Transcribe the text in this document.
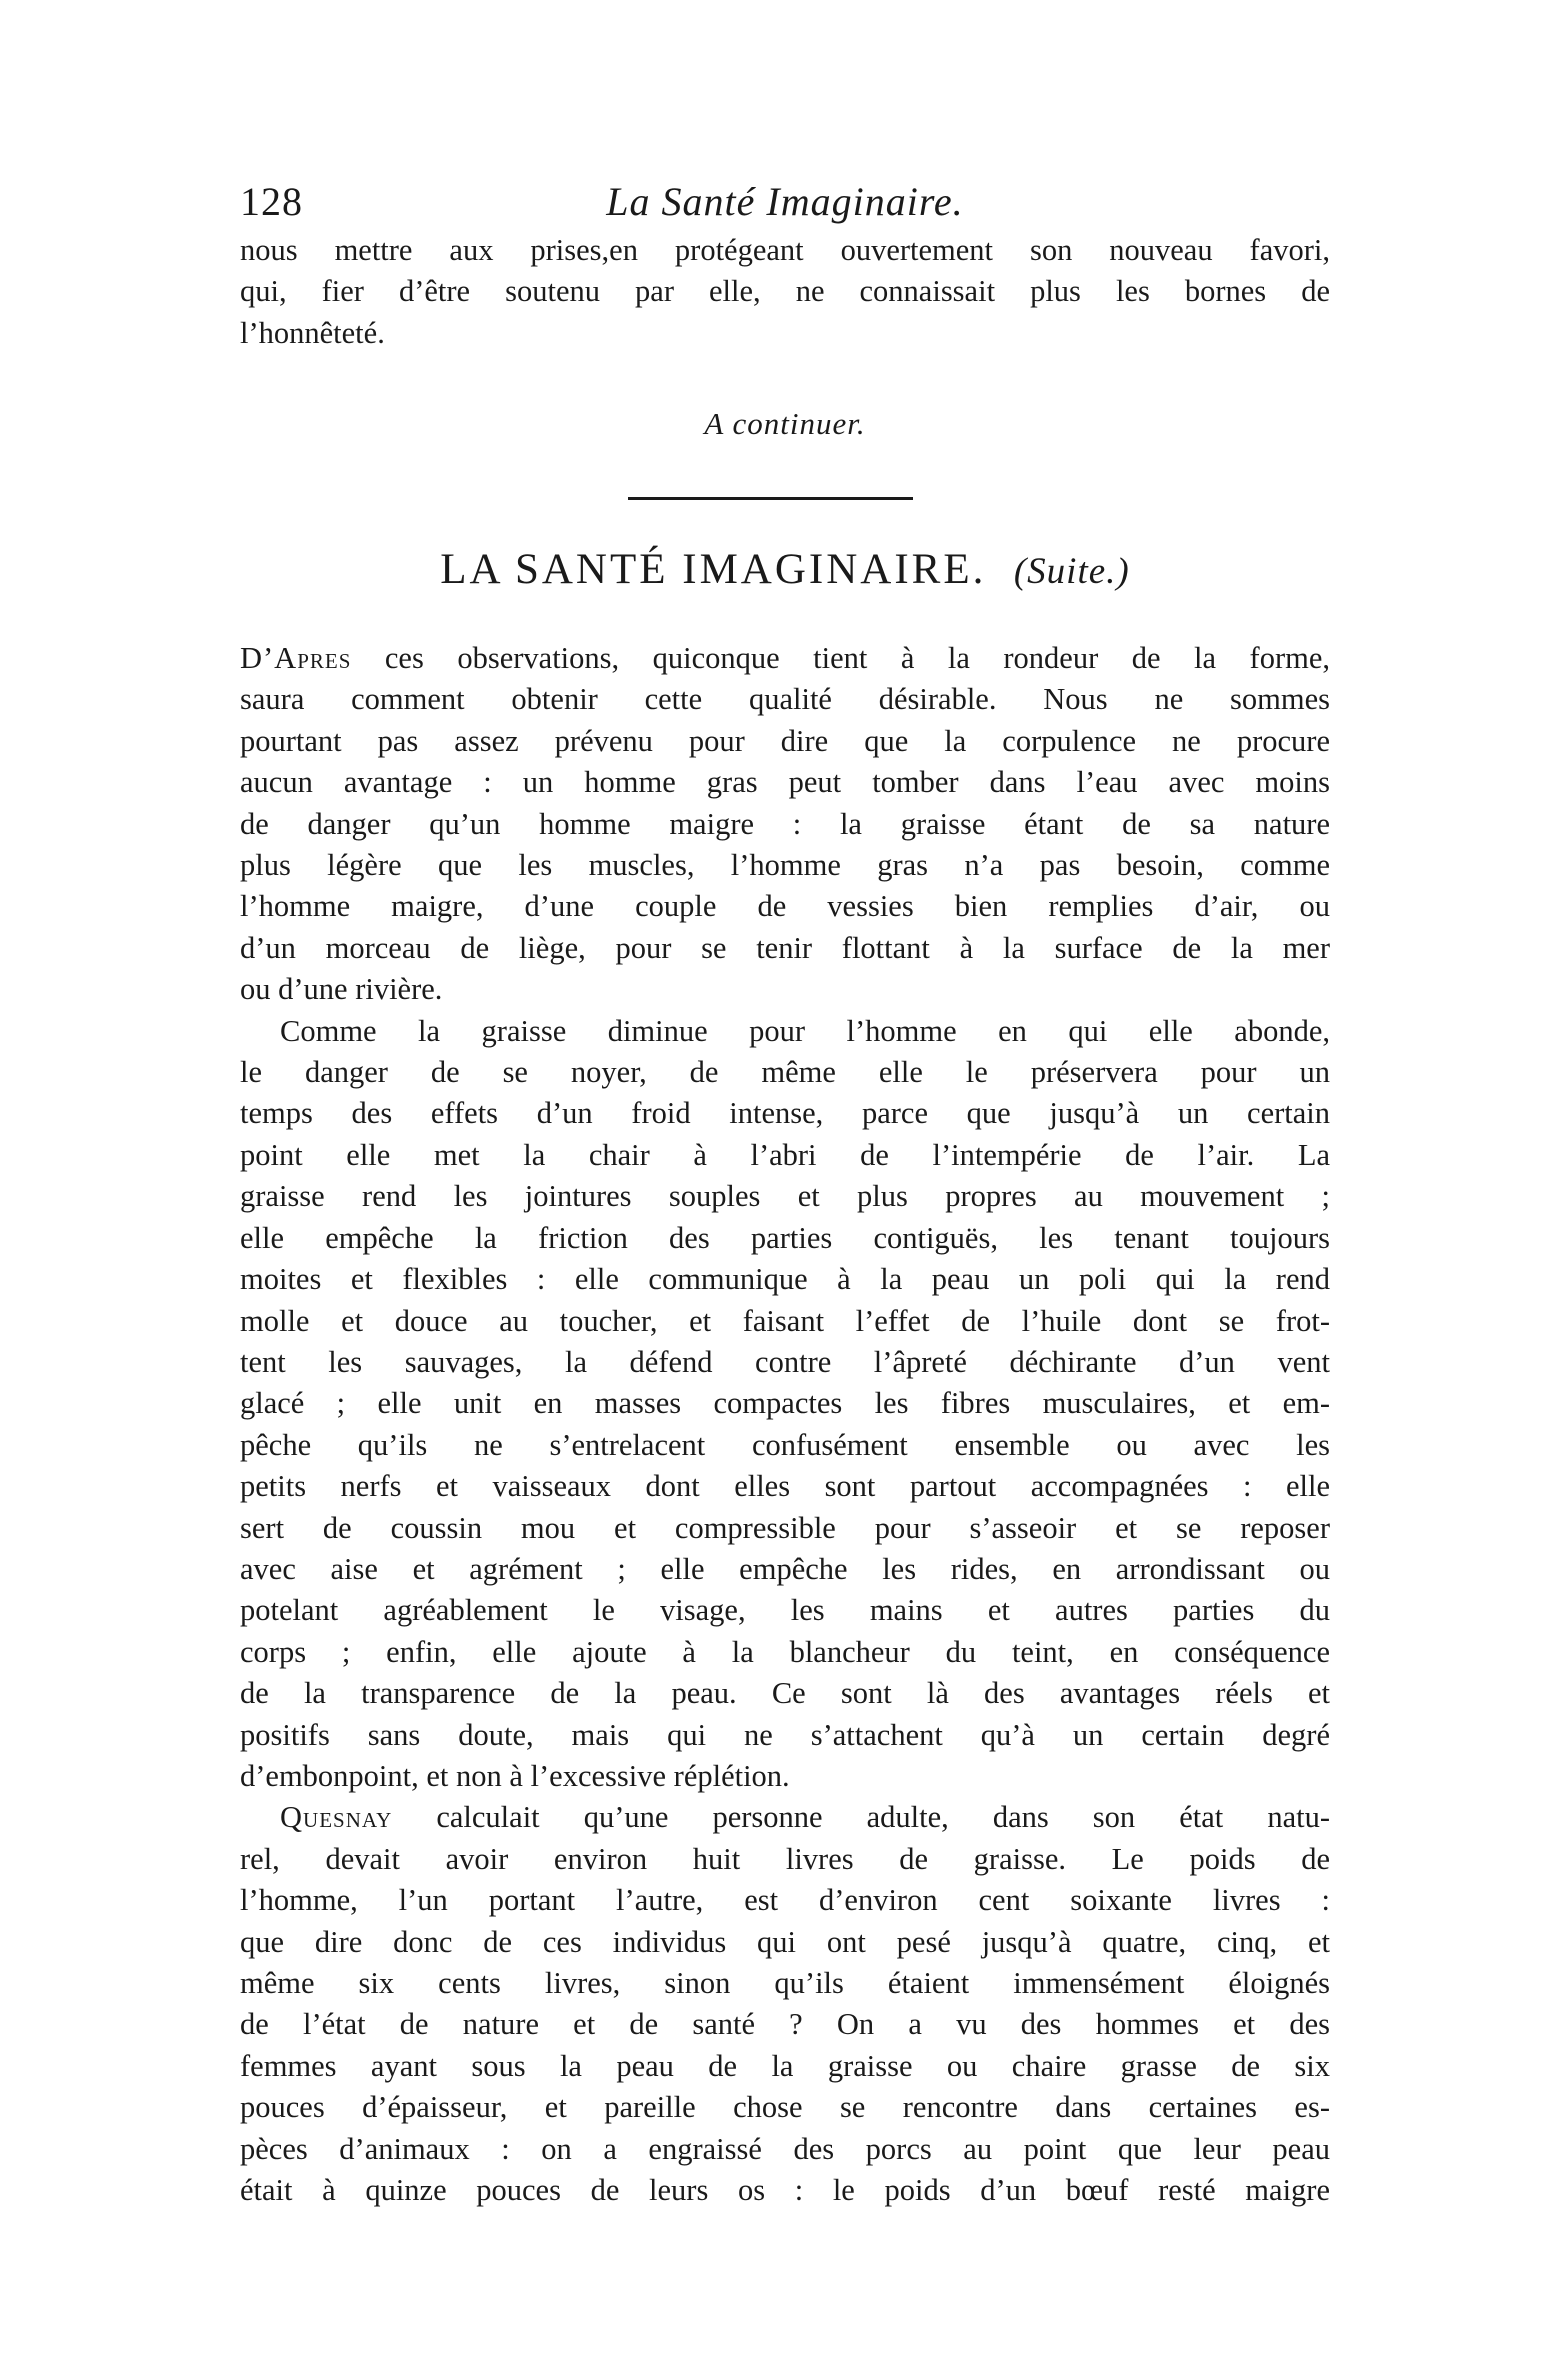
128	La Santé Imaginaire.

nous mettre aux prises,en protégeant ouvertement son nouveau favori,

qui, fier d’être soutenu par elle, ne connaissait plus les bornes de

l’honnêteté.

A continuer.
LA SANTÉ IMAGINAIRE. (Suite.)

D’Apres ces observations, quiconque tient à la rondeur de la forme,

saura comment obtenir cette qualité désirable. Nous ne sommes

pourtant pas assez prévenu pour dire que la corpulence ne procure

aucun avantage : un homme gras peut tomber dans l’eau avec moins

de danger qu’un homme maigre : la graisse étant de sa nature

plus légère que les muscles, l’homme gras n’a pas besoin, comme

l’homme maigre, d’une couple de vessies bien remplies d’air, ou

d’un morceau de liège, pour se tenir flottant à la surface de la mer

ou d’une rivière.

Comme la graisse diminue pour l’homme en qui elle abonde,

le danger de se noyer, de même elle le préservera pour un

temps des effets d’un froid intense, parce que jusqu’à un certain

point elle met la chair à l’abri de l’intempérie de l’air. La

graisse rend les jointures souples et plus propres au mouvement ;

elle empêche la friction des parties contiguës, les tenant toujours

moites et flexibles : elle communique à la peau un poli qui la rend

molle et douce au toucher, et faisant l’effet de l’huile dont se frot-

tent les sauvages, la défend contre l’âpreté déchirante d’un vent

glacé ; elle unit en masses compactes les fibres musculaires, et em-

pêche qu’ils ne s’entrelacent confusément ensemble ou avec les

petits nerfs et vaisseaux dont elles sont partout accompagnées : elle

sert de coussin mou et compressible pour s’asseoir et se reposer

avec aise et agrément ; elle empêche les rides, en arrondissant ou

potelant agréablement le visage, les mains et autres parties du

corps ; enfin, elle ajoute à la blancheur du teint, en conséquence

de la transparence de la peau. Ce sont là des avantages réels et

positifs sans doute, mais qui ne s’attachent qu’à un certain degré

d’embonpoint, et non à l’excessive réplétion.

Quesnay calculait qu’une personne adulte, dans son état natu-

rel, devait avoir environ huit livres de graisse. Le poids de

l’homme, l’un portant l’autre, est d’environ cent soixante livres :

que dire donc de ces individus qui ont pesé jusqu’à quatre, cinq, et

même six cents livres, sinon qu’ils étaient immensément éloignés

de l’état de nature et de santé ? On a vu des hommes et des

femmes ayant sous la peau de la graisse ou chaire grasse de six

pouces d’épaisseur, et pareille chose se rencontre dans certaines es-

pèces d’animaux : on a engraissé des porcs au point que leur peau

était à quinze pouces de leurs os : le poids d’un bœuf resté maigre
